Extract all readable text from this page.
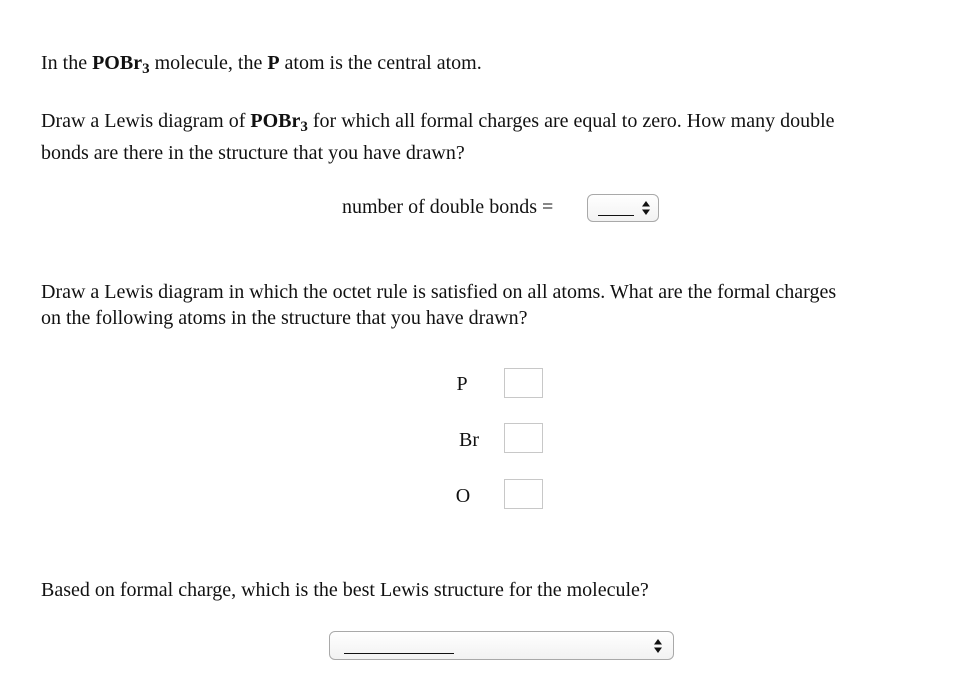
In the POBr$_3$ molecule, the P atom is the central atom.

Draw a Lewis diagram of POBr$_3$ for which all formal charges are equal to zero. How many double
bonds are there in the structure that you have drawn?

number of double bonds =

Draw a Lewis diagram in which the octet rule is satisfied on all atoms. What are the formal charges
on the following atoms in the structure that you have drawn?

P
Br
O

Based on formal charge, which is the best Lewis structure for the molecule?
